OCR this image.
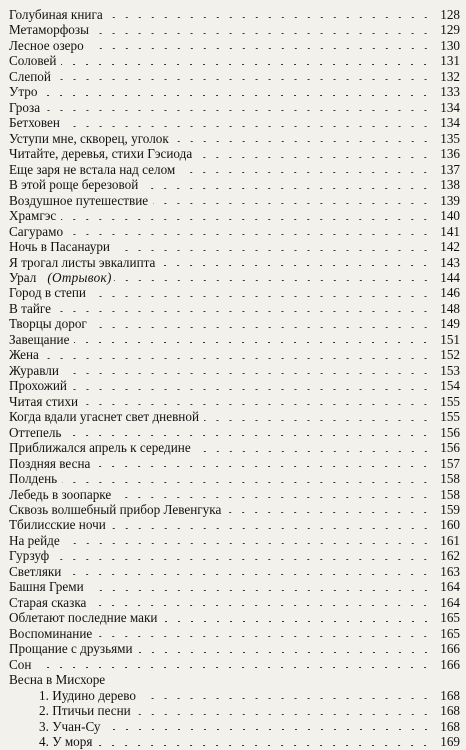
Голубиная книга	128
Метаморфозы	129
Лесное озеро	130
Соловей	131
Слепой	132
Утро	133
Гроза	134
Бетховен	134
Уступи мне, скворец, уголок	135
Читайте, деревья, стихи Гэсиода	136
Еще заря не встала над селом	137
В этой роще березовой	138
Воздушное путешествие	139
Храмгэс	140
Сагурамо	141
Ночь в Пасанаури	142
Я трогал листы эвкалипта	143
Урал (Отрывок)	144
Город в степи	146
В тайге	148
Творцы дорог	149
Завещание	151
Жена	152
Журавли	153
Прохожий	154
Читая стихи	155
Когда вдали угаснет свет дневной	155
Оттепель	156
Приближался апрель к середине	156
Поздняя весна	157
Полдень	158
Лебедь в зоопарке	158
Сквозь волшебный прибор Левенгука	159
Тбилисские ночи	160
На рейде	161
Гурзуф	162
Светляки	163
Башня Греми	164
Старая сказка	164
Облетают последние маки	165
Воспоминание	165
Прощание с друзьями	166
Сон	166
Весна в Мисхоре
1. Иудино дерево	168
2. Птичьи песни	168
3. Учан-Су	168
4. У моря	169
